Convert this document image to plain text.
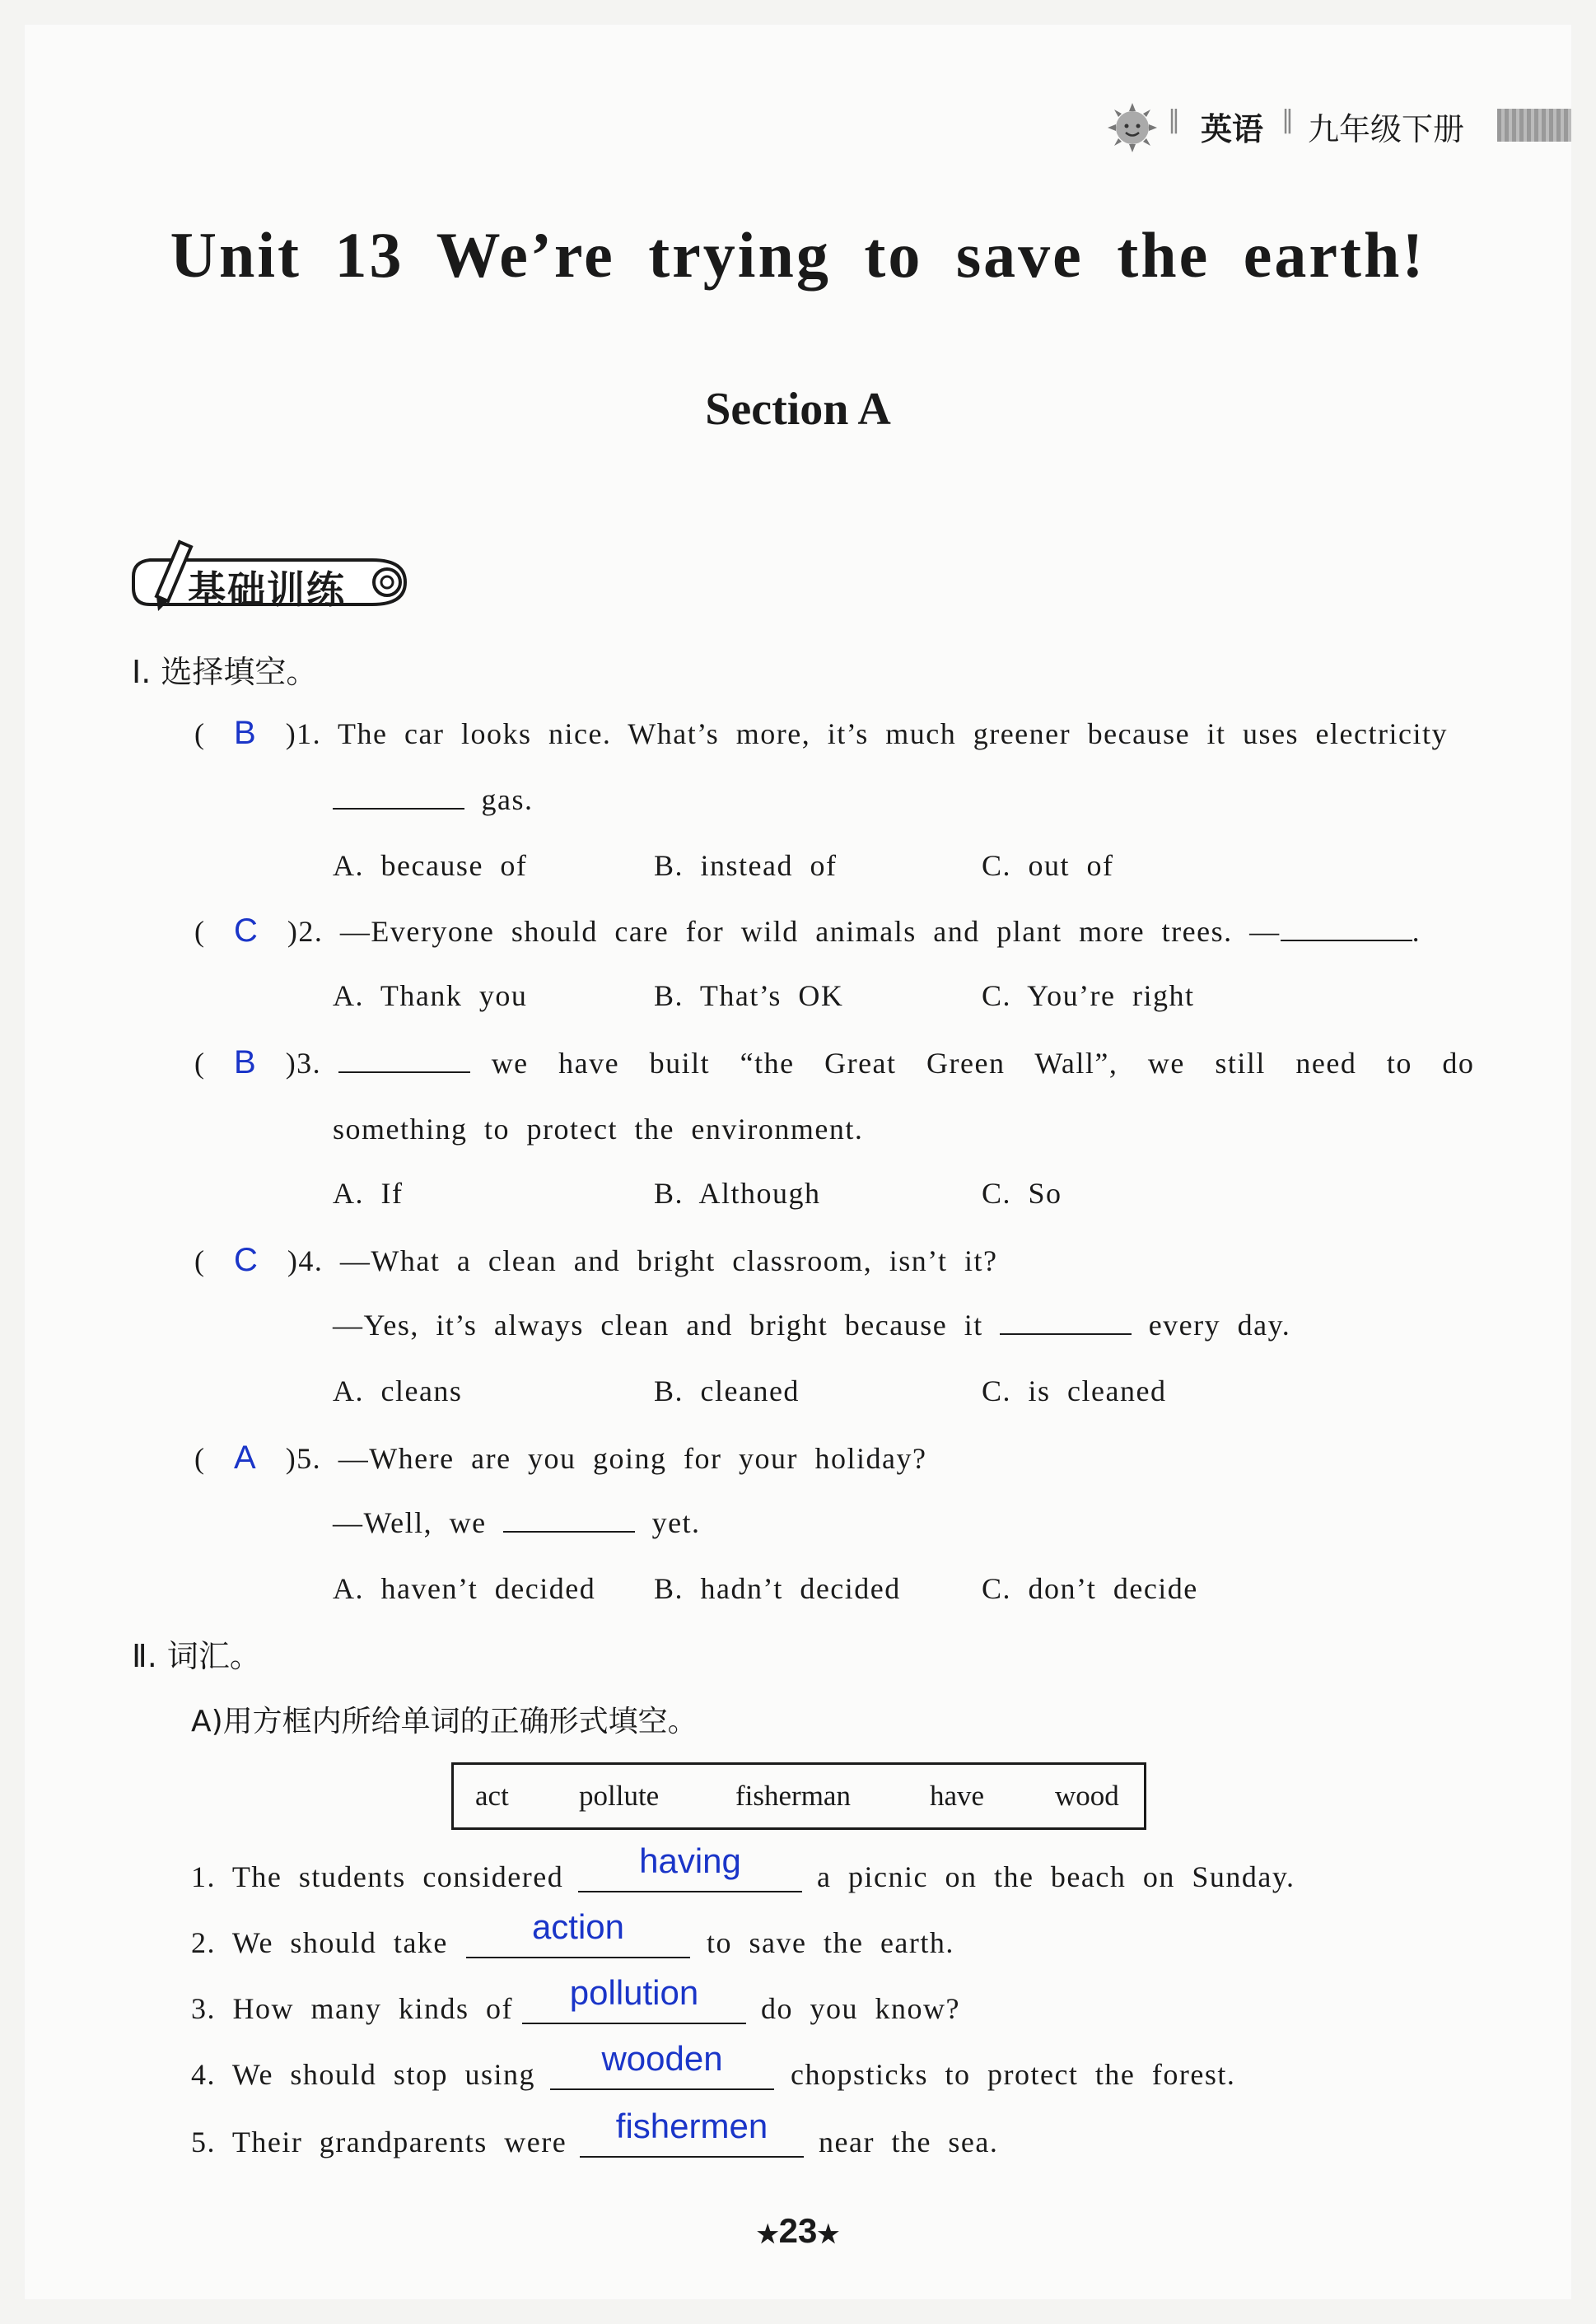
‖ 英语 ‖ 九年级下册
Unit 13 We’re trying to save the earth!
Section A
基础训练
Ⅰ. 选择填空。
( B )1. The car looks nice. What’s more, it’s much greener because it uses electricity
gas.
A. because of	B. instead of	C. out of
( C )2. —Everyone should care for wild animals and plant more trees. —	.
A. Thank you	B. That’s OK	C. You’re right
( B )3.	we have built “the Great Green Wall”, we still need to do
something to protect the environment.
A. If	B. Although	C. So
( C )4. —What a clean and bright classroom, isn’t it?
—Yes, it’s always clean and bright because it	every day.
A. cleans	B. cleaned	C. is cleaned
( A )5. —Where are you going for your holiday?
—Well, we	yet.
A. haven’t decided B. hadn’t decided	C. don’t decide
Ⅱ. 词汇。
A)用方框内所给单词的正确形式填空。
act pollute	fisherman	have wood
1. The students considered	having	a picnic on the beach on Sunday.
2. We should take	action	to save the earth.
3. How many kinds of	pollution	do you know?
4. We should stop using	wooden	chopsticks to protect the forest.
5. Their grandparents were	fishermen	near the sea.
★23★
